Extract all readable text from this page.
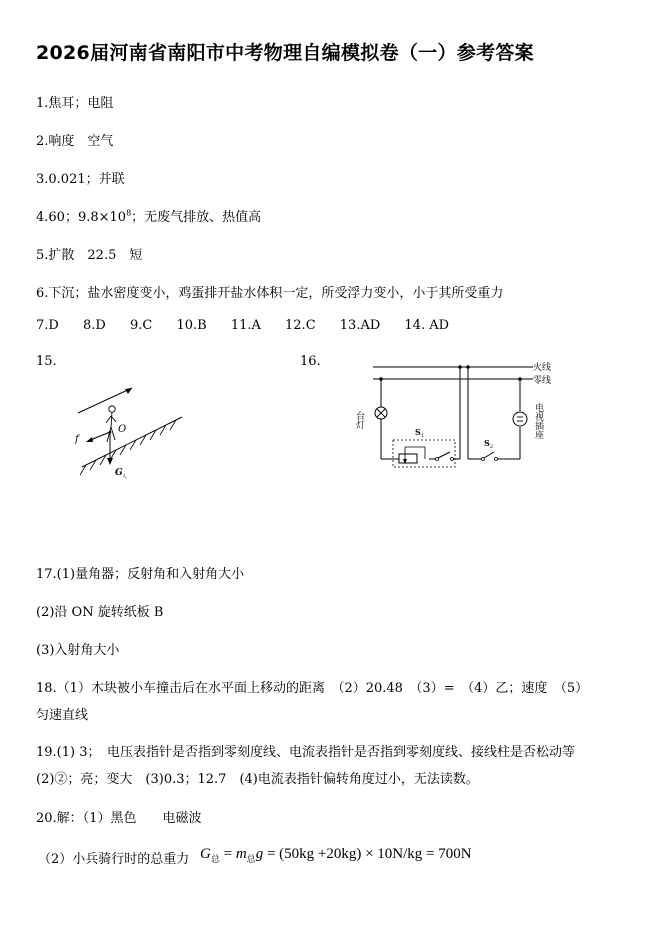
2026届河南省南阳市中考物理自编模拟卷（一）参考答案
1.焦耳；电阻
2.响度　空气
3.0.021；并联
4.60；$9.8\times 10^8$；无废气排放、热值高
5.扩散　22.5　短
6.下沉；盐水密度变小，鸡蛋排开盐水体积一定，所受浮力变小，小于其所受重力
7.D 8.D 9.C 10.B 11.A 12.C 13.AD 14. AD
15.	16.
f
O
G 人
火线
零线
台灯
S 1
S 2
电视插座
17.(1)量角器；反射角和入射角大小
(2)沿 ON 旋转纸板 B
(3)入射角大小
18.（1）木块被小车撞击后在水平面上移动的距离　（2）20.48　（3）=　（4）乙；速度　（5）
匀速直线
19.(1) 3；　电压表指针是否指到零刻度线、电流表指针是否指到零刻度线、接线柱是否松动等
(2)②；亮；变大　(3)0.3；12.7　(4)电流表指针偏转角度过小，无法读数。
20.解：（1）黑色　　电磁波
（2）小兵骑行时的总重力 $G_总 = m_总g = (50kg +20kg) \times 10N/kg = 700N$
